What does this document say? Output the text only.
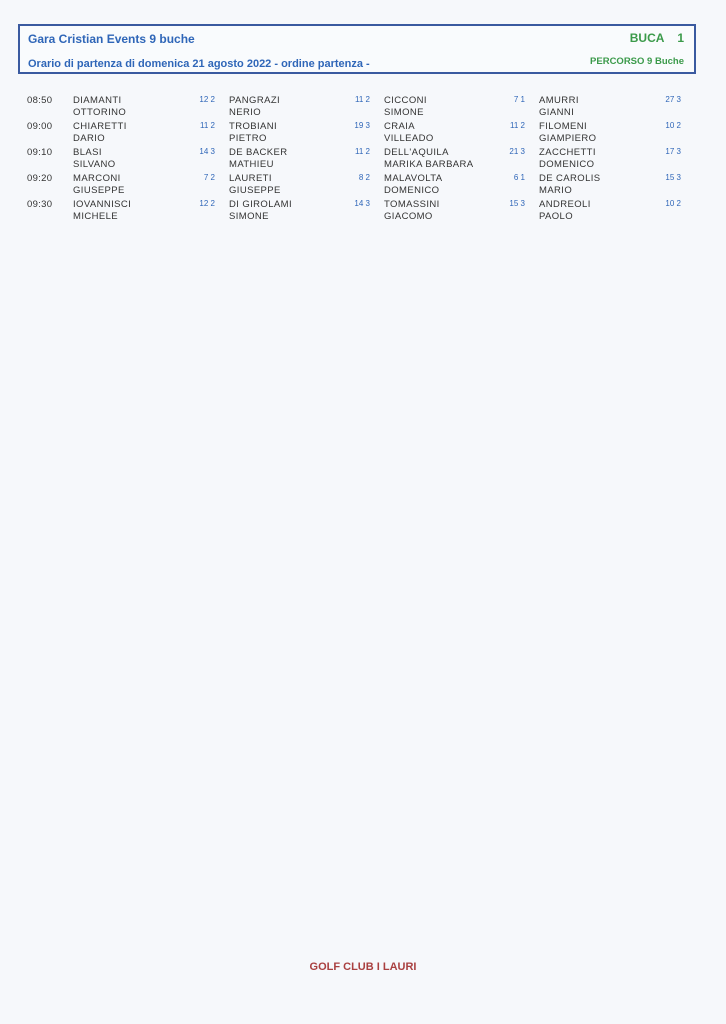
Gara Cristian Events 9 buche
Orario di partenza di domenica 21 agosto 2022 - ordine partenza -
BUCA 1
PERCORSO 9 Buche
08:50 DIAMANTI
OTTORINO
12 2 PANGRAZI
NERIO
11 2 CICCONI
SIMONE
7 1 AMURRI
GIANNI
27 3
09:00 CHIARETTI
DARIO
11 2 TROBIANI
PIETRO
19 3 CRAIA
VILLEADO
11 2 FILOMENI
GIAMPIERO
10 2
09:10 BLASI
SILVANO
14 3 DE BACKER
MATHIEU
11 2 DELL'AQUILA
MARIKA BARBARA
21 3 ZACCHETTI
DOMENICO
17 3
09:20 MARCONI
GIUSEPPE
7 2 LAURETI
GIUSEPPE
8 2 MALAVOLTA
DOMENICO
6 1 DE CAROLIS
MARIO
15 3
09:30 IOVANNISCI
MICHELE
12 2 DI GIROLAMI
SIMONE
14 3 TOMASSINI
GIACOMO
15 3 ANDREOLI
PAOLO
10 2
GOLF CLUB I LAURI
